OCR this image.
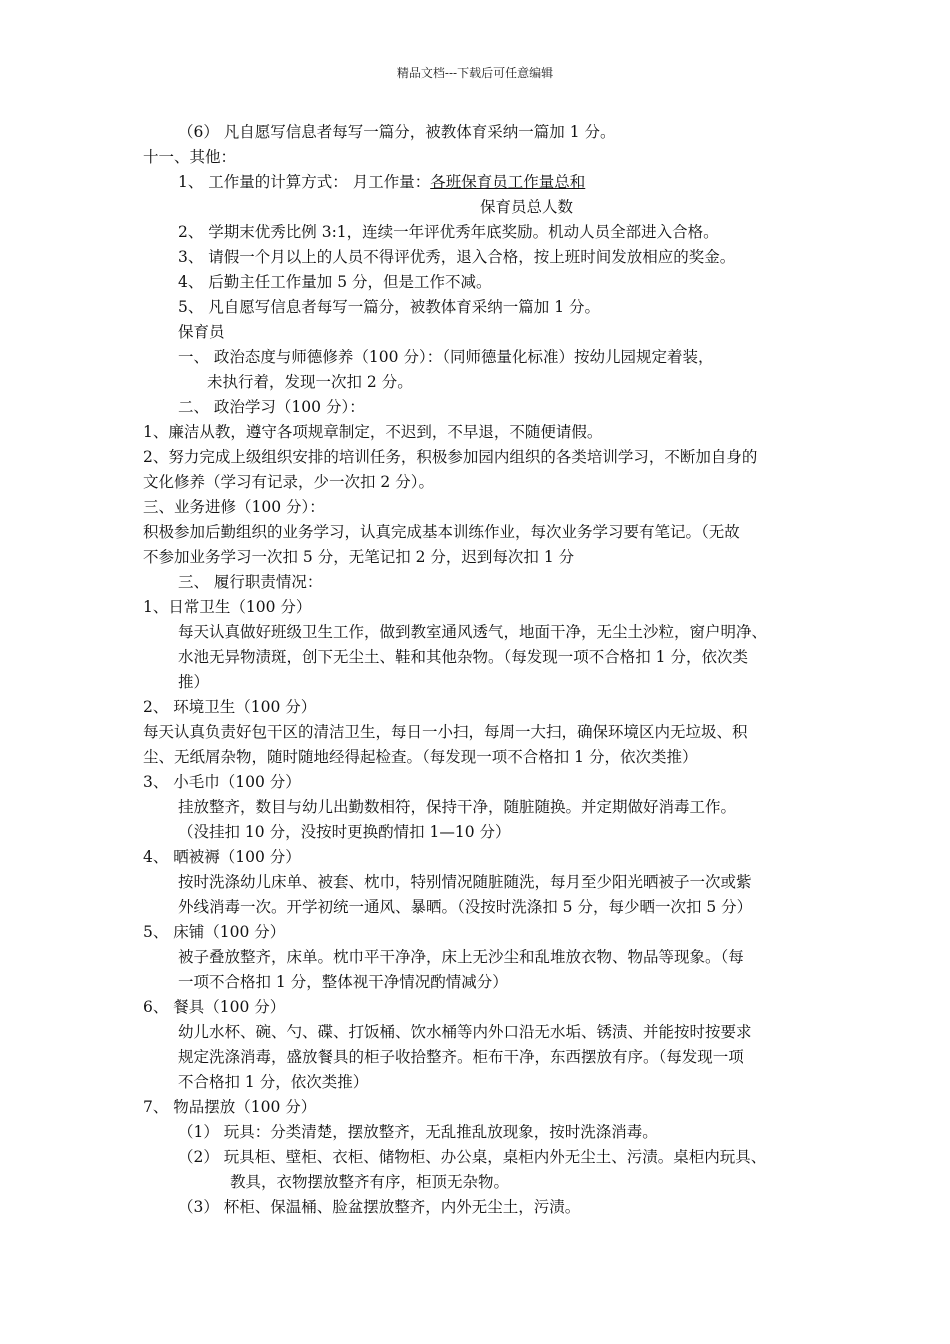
精品文档---下载后可任意编辑
（6） 凡自愿写信息者每写一篇分，被教体育采纳一篇加 1 分。
十一、其他：
1、 工作量的计算方式： 月工作量：各班保育员工作量总和
保育员总人数
2、 学期末优秀比例 3:1，连续一年评优秀年底奖励。机动人员全部进入合格。
3、 请假一个月以上的人员不得评优秀，退入合格，按上班时间发放相应的奖金。
4、 后勤主任工作量加 5 分，但是工作不减。
5、 凡自愿写信息者每写一篇分，被教体育采纳一篇加 1 分。
保育员
一、 政治态度与师德修养（100 分）：（同师德量化标准）按幼儿园规定着装，
未执行着，发现一次扣 2 分。
二、 政治学习（100 分）：
1、廉洁从教，遵守各项规章制定，不迟到，不早退，不随便请假。
2、努力完成上级组织安排的培训任务，积极参加园内组织的各类培训学习，不断加自身的
文化修养（学习有记录，少一次扣 2 分）。
三、业务进修（100 分）：
积极参加后勤组织的业务学习，认真完成基本训练作业，每次业务学习要有笔记。（无故
不参加业务学习一次扣 5 分，无笔记扣 2 分，迟到每次扣 1 分
三、 履行职责情况：
1、日常卫生（100 分）
每天认真做好班级卫生工作，做到教室通风透气，地面干净，无尘土沙粒，窗户明净、
水池无异物渍斑，创下无尘土、鞋和其他杂物。（每发现一项不合格扣 1 分，依次类
推）
2、 环境卫生（100 分）
每天认真负责好包干区的清洁卫生，每日一小扫，每周一大扫，确保环境区内无垃圾、积
尘、无纸屑杂物，随时随地经得起检查。（每发现一项不合格扣 1 分，依次类推）
3、 小毛巾（100 分）
挂放整齐，数目与幼儿出勤数相符，保持干净，随脏随换。并定期做好消毒工作。
（没挂扣 10 分，没按时更换酌情扣 1—10 分）
4、 晒被褥（100 分）
按时洗涤幼儿床单、被套、枕巾，特别情况随脏随洗，每月至少阳光晒被子一次或紫
外线消毒一次。开学初统一通风、暴晒。（没按时洗涤扣 5 分，每少晒一次扣 5 分）
5、 床铺（100 分）
被子叠放整齐，床单。枕巾平干净净，床上无沙尘和乱堆放衣物、物品等现象。（每
一项不合格扣 1 分，整体视干净情况酌情减分）
6、 餐具（100 分）
幼儿水杯、碗、勺、碟、打饭桶、饮水桶等内外口沿无水垢、锈渍、并能按时按要求
规定洗涤消毒，盛放餐具的柜子收拾整齐。柜布干净，东西摆放有序。（每发现一项
不合格扣 1 分，依次类推）
7、 物品摆放（100 分）
（1） 玩具：分类清楚，摆放整齐，无乱推乱放现象，按时洗涤消毒。
（2） 玩具柜、壁柜、衣柜、储物柜、办公桌，桌柜内外无尘土、污渍。桌柜内玩具、
教具，衣物摆放整齐有序，柜顶无杂物。
（3） 杯柜、保温桶、脸盆摆放整齐，内外无尘土，污渍。
